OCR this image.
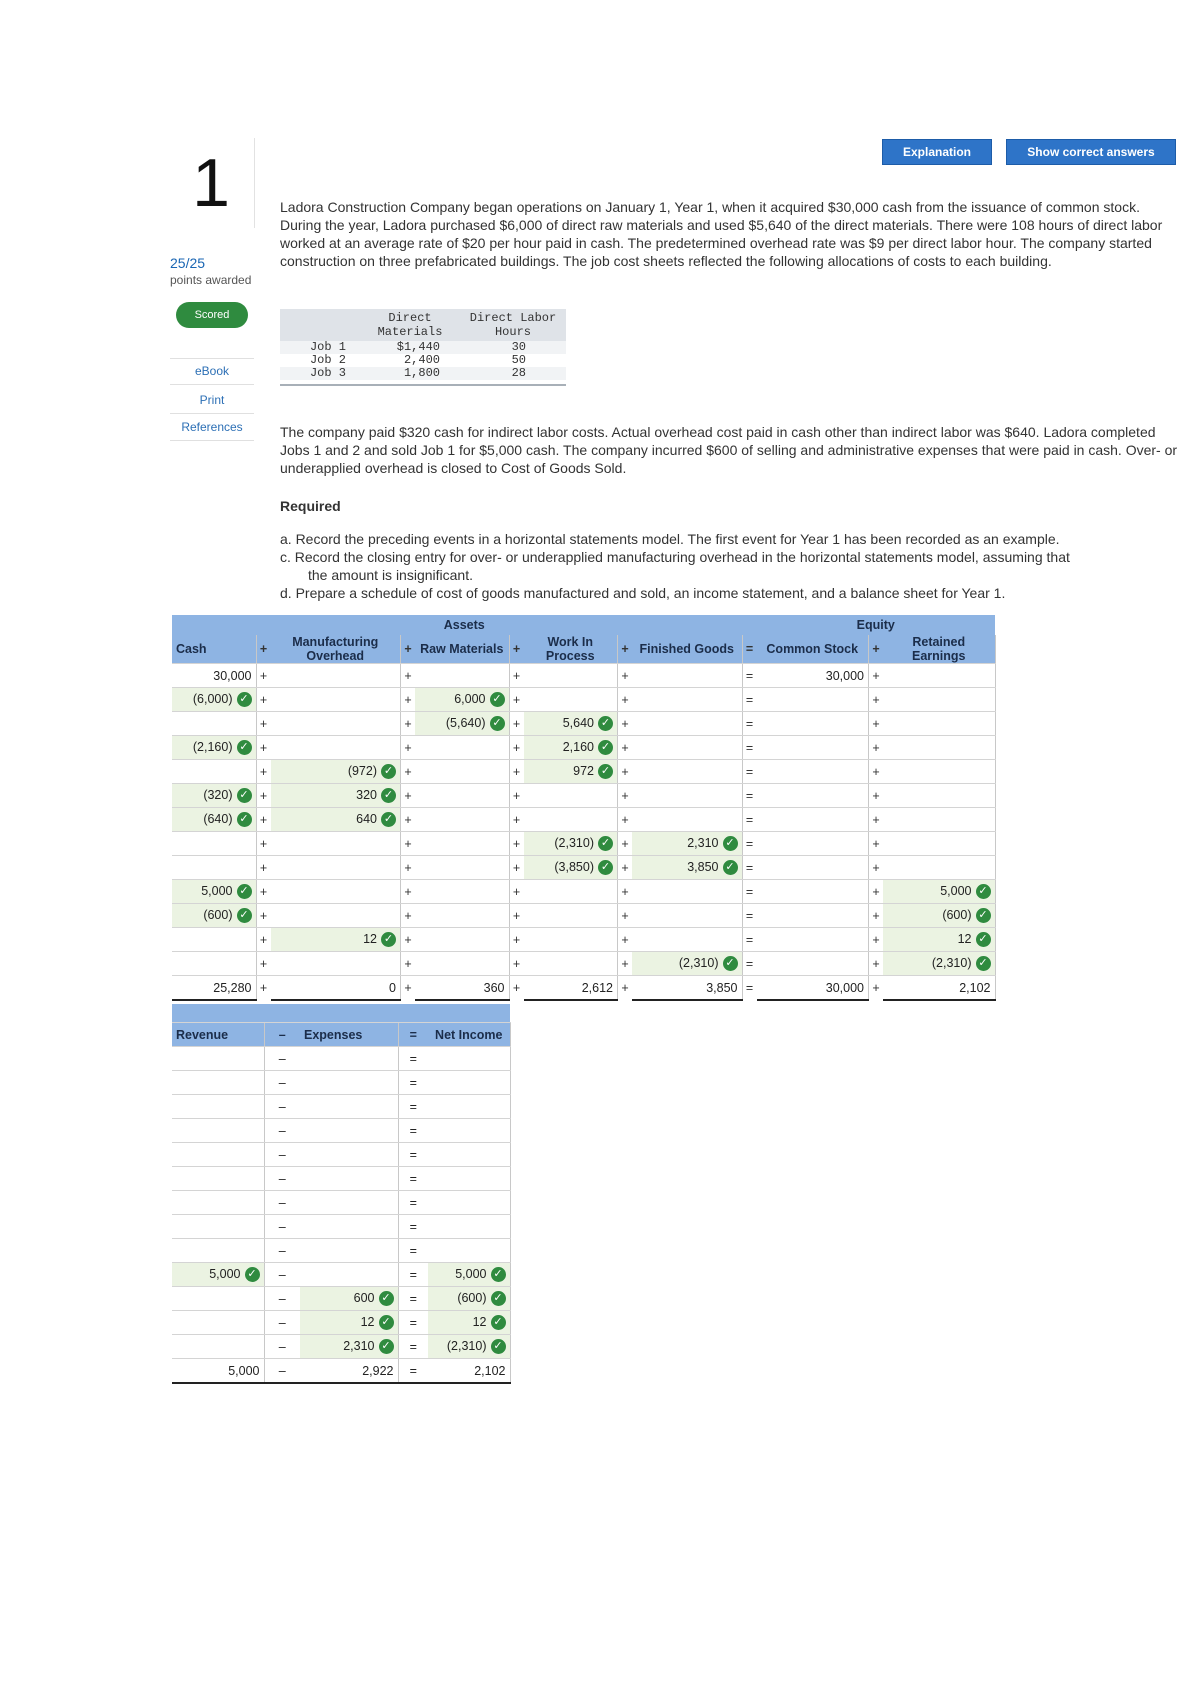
1
25/25
points awarded
Scored
eBook
Print
References
Explanation	Show correct answers
Ladora Construction Company began operations on January 1, Year 1, when it acquired $30,000 cash from the issuance of common stock. During the year, Ladora purchased $6,000 of direct raw materials and used $5,640 of the direct materials. There were 108 hours of direct labor worked at an average rate of $20 per hour paid in cash. The predetermined overhead rate was $9 per direct labor hour. The company started construction on three prefabricated buildings. The job cost sheets reflected the following allocations of costs to each building.
	Direct Materials	Direct Labor Hours
Job 1	$1,440	30
Job 2	2,400	50
Job 3	1,800	28
The company paid $320 cash for indirect labor costs. Actual overhead cost paid in cash other than indirect labor was $640. Ladora completed Jobs 1 and 2 and sold Job 1 for $5,000 cash. The company incurred $600 of selling and administrative expenses that were paid in cash. Over- or underapplied overhead is closed to Cost of Goods Sold.
Required
a. Record the preceding events in a horizontal statements model. The first event for Year 1 has been recorded as an example.
c. Record the closing entry for over- or underapplied manufacturing overhead in the horizontal statements model, assuming that
the amount is insignificant.
d. Prepare a schedule of cost of goods manufactured and sold, an income statement, and a balance sheet for Year 1.
Assets										Equity		
Cash	+	Manufacturing Overhead	+	Raw Materials	+	Work In Process	+	Finished Goods	=	Common Stock	+	Retained Earnings
30,000	+		+		+		+		=	30,000	+	
(6,000) ✓	+		+	6,000 ✓	+		+		=		+	
	+		+	(5,640) ✓	+	5,640 ✓	+		=		+	
(2,160) ✓	+		+		+	2,160 ✓	+		=		+	
	+	(972) ✓	+		+	972 ✓	+		=		+	
(320) ✓	+	320 ✓	+		+		+		=		+	
(640) ✓	+	640 ✓	+		+		+		=		+	
	+		+		+	(2,310) ✓	+	2,310 ✓	=		+	
	+		+		+	(3,850) ✓	+	3,850 ✓	=		+	
5,000 ✓	+		+		+		+		=		+	5,000 ✓
(600) ✓	+		+		+		+		=		+	(600) ✓
	+	12 ✓	+		+		+		=		+	12 ✓
	+		+		+		+	(2,310) ✓	=		+	(2,310) ✓
25,280	+	0	+	360	+	2,612	+	3,850	=	30,000	+	2,102

Revenue	–	Expenses	=	Net Income
	–		=	
	–		=	
	–		=	
	–		=	
	–		=	
	–		=	
	–		=	
	–		=	
	–		=	
5,000 ✓	–		=	5,000 ✓
	–	600 ✓	=	(600) ✓
	–	12 ✓	=	12 ✓
	–	2,310 ✓	=	(2,310) ✓
5,000	–	2,922	=	2,102
